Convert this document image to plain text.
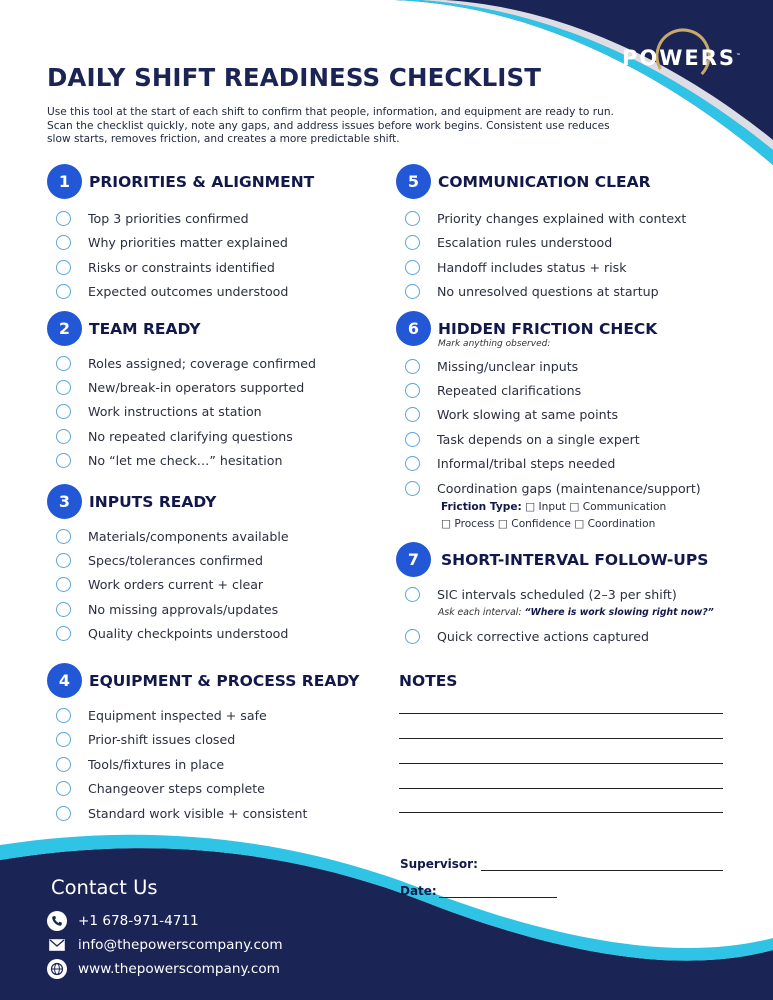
POWERS™
DAILY SHIFT READINESS CHECKLIST
Use this tool at the start of each shift to confirm that people, information, and equipment are ready to run. Scan the checklist quickly, note any gaps, and address issues before work begins. Consistent use reduces slow starts, removes friction, and creates a more predictable shift.
1	PRIORITIES & ALIGNMENT
Top 3 priorities confirmed
Why priorities matter explained
Risks or constraints identified
Expected outcomes understood
2	TEAM READY
Roles assigned; coverage confirmed
New/break-in operators supported
Work instructions at station
No repeated clarifying questions
No “let me check…” hesitation
3	INPUTS READY
Materials/components available
Specs/tolerances confirmed
Work orders current + clear
No missing approvals/updates
Quality checkpoints understood
4	EQUIPMENT & PROCESS READY
Equipment inspected + safe
Prior-shift issues closed
Tools/fixtures in place
Changeover steps complete
Standard work visible + consistent
5	COMMUNICATION CLEAR
Priority changes explained with context
Escalation rules understood
Handoff includes status + risk
No unresolved questions at startup
6	HIDDEN FRICTION CHECK
Mark anything observed:
Missing/unclear inputs
Repeated clarifications
Work slowing at same points
Task depends on a single expert
Informal/tribal steps needed
Coordination gaps (maintenance/support)
Friction Type: □ Input □ Communication
□ Process □ Confidence □ Coordination
7	SHORT-INTERVAL FOLLOW-UPS
SIC intervals scheduled (2–3 per shift)
Ask each interval: “Where is work slowing right now?”
Quick corrective actions captured
NOTES
Supervisor:
Date:
Contact Us
+1 678-971-4711
info@thepowerscompany.com
www.thepowerscompany.com
